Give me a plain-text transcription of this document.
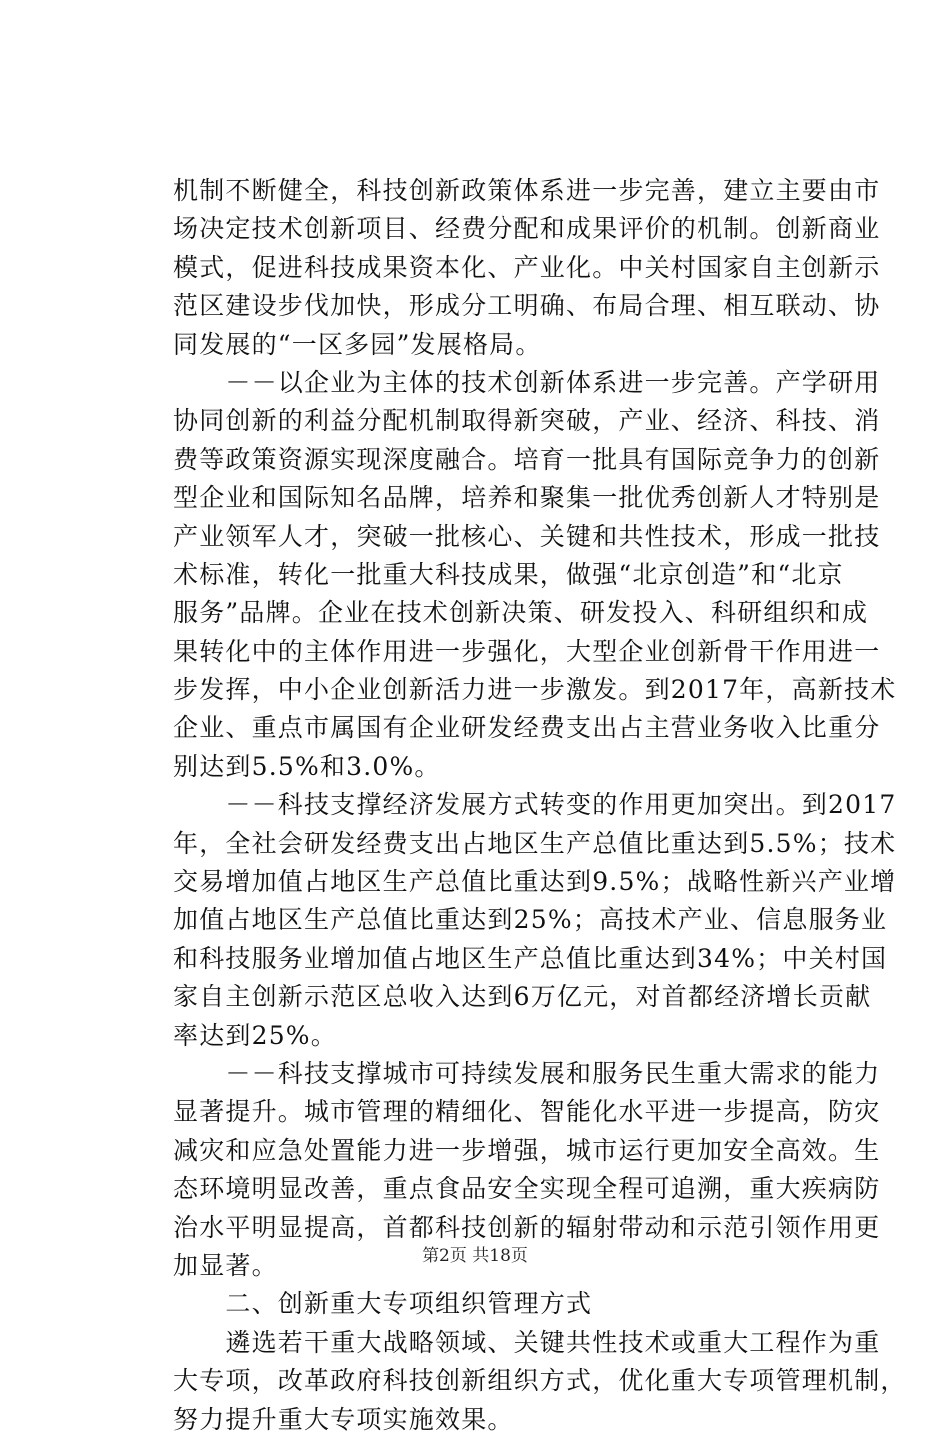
机制不断健全，科技创新政策体系进一步完善，建立主要由市
场决定技术创新项目、经费分配和成果评价的机制。创新商业
模式，促进科技成果资本化、产业化。中关村国家自主创新示
范区建设步伐加快，形成分工明确、布局合理、相互联动、协
同发展的“一区多园”发展格局。
　　－－以企业为主体的技术创新体系进一步完善。产学研用
协同创新的利益分配机制取得新突破，产业、经济、科技、消
费等政策资源实现深度融合。培育一批具有国际竞争力的创新
型企业和国际知名品牌，培养和聚集一批优秀创新人才特别是
产业领军人才，突破一批核心、关键和共性技术，形成一批技
术标准，转化一批重大科技成果，做强“北京创造”和“北京
服务”品牌。企业在技术创新决策、研发投入、科研组织和成
果转化中的主体作用进一步强化，大型企业创新骨干作用进一
步发挥，中小企业创新活力进一步激发。到2017年，高新技术
企业、重点市属国有企业研发经费支出占主营业务收入比重分
别达到5.5%和3.0%。
　　－－科技支撑经济发展方式转变的作用更加突出。到2017
年，全社会研发经费支出占地区生产总值比重达到5.5%；技术
交易增加值占地区生产总值比重达到9.5%；战略性新兴产业增
加值占地区生产总值比重达到25%；高技术产业、信息服务业
和科技服务业增加值占地区生产总值比重达到34%；中关村国
家自主创新示范区总收入达到6万亿元，对首都经济增长贡献
率达到25%。
　　－－科技支撑城市可持续发展和服务民生重大需求的能力
显著提升。城市管理的精细化、智能化水平进一步提高，防灾
减灾和应急处置能力进一步增强，城市运行更加安全高效。生
态环境明显改善，重点食品安全实现全程可追溯，重大疾病防
治水平明显提高，首都科技创新的辐射带动和示范引领作用更
加显著。
　　二、创新重大专项组织管理方式
　　遴选若干重大战略领域、关键共性技术或重大工程作为重
大专项，改革政府科技创新组织方式，优化重大专项管理机制，
努力提升重大专项实施效果。
第2页 共18页
